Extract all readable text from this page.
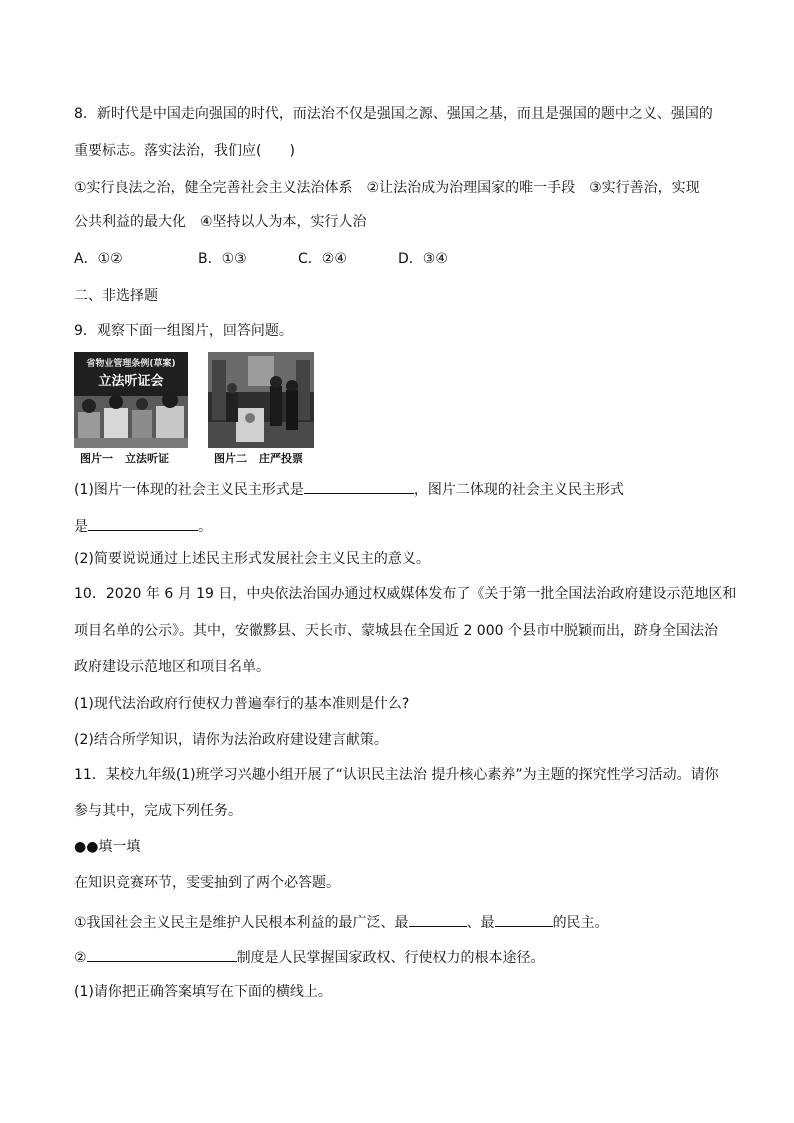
8．新时代是中国走向强国的时代，而法治不仅是强国之源、强国之基，而且是强国的题中之义、强国的
重要标志。落实法治，我们应(　　)
①实行良法之治，健全完善社会主义法治体系　②让法治成为治理国家的唯一手段　③实行善治，实现
公共利益的最大化　④坚持以人为本，实行人治
A．①②	B．①③	C．②④	D．③④
二、非选择题
9．观察下面一组图片，回答问题。
省物业管理条例(草案)
立法听证会
图片一 立法听证	图片二 庄严投票
(1)图片一体现的社会主义民主形式是	，图片二体现的社会主义民主形式
是	。
(2)简要说说通过上述民主形式发展社会主义民主的意义。
10．2020 年 6 月 19 日，中央依法治国办通过权威媒体发布了《关于第一批全国法治政府建设示范地区和
项目名单的公示》。其中，安徽黟县、天长市、蒙城县在全国近 2 000 个县市中脱颖而出，跻身全国法治
政府建设示范地区和项目名单。
(1)现代法治政府行使权力普遍奉行的基本准则是什么?
(2)结合所学知识，请你为法治政府建设建言献策。
11．某校九年级(1)班学习兴趣小组开展了“认识民主法治 提升核心素养”为主题的探究性学习活动。请你
参与其中，完成下列任务。
●●填一填
在知识竞赛环节，雯雯抽到了两个必答题。
①我国社会主义民主是维护人民根本利益的最广泛、最	、最	的民主。
②	制度是人民掌握国家政权、行使权力的根本途径。
(1)请你把正确答案填写在下面的横线上。
